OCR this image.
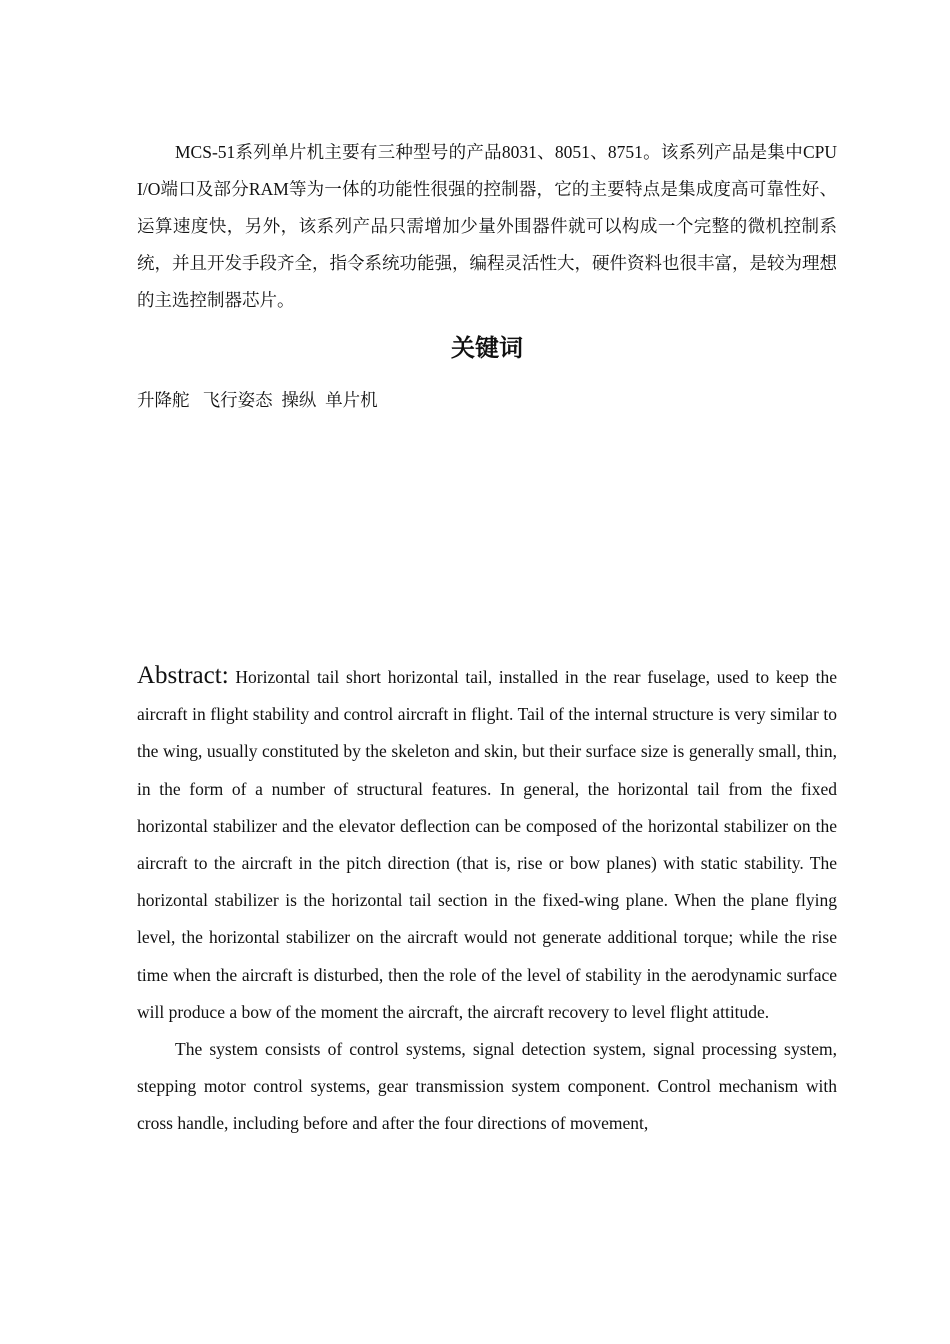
MCS-51系列单片机主要有三种型号的产品8031、8051、8751。该系列产品是集中CPU I/O端口及部分RAM等为一体的功能性很强的控制器，它的主要特点是集成度高可靠性好、运算速度快，另外，该系列产品只需增加少量外围器件就可以构成一个完整的微机控制系统，并且开发手段齐全，指令系统功能强，编程灵活性大，硬件资料也很丰富，是较为理想的主选控制器芯片。

关键词

升降舵   飞行姿态  操纵  单片机

Abstract: Horizontal tail short horizontal tail, installed in the rear fuselage, used to keep the aircraft in flight stability and control aircraft in flight. Tail of the internal structure is very similar to the wing, usually constituted by the skeleton and skin, but their surface size is generally small, thin, in the form of a number of structural features. In general, the horizontal tail from the fixed horizontal stabilizer and the elevator deflection can be composed of the horizontal stabilizer on the aircraft to the aircraft in the pitch direction (that is, rise or bow planes) with static stability. The horizontal stabilizer is the horizontal tail section in the fixed-wing plane. When the plane flying level, the horizontal stabilizer on the aircraft would not generate additional torque; while the rise time when the aircraft is disturbed, then the role of the level of stability in the aerodynamic surface will produce a bow of the moment the aircraft, the aircraft recovery to level flight attitude.

The system consists of control systems, signal detection system, signal processing system, stepping motor control systems, gear transmission system component. Control mechanism with cross handle, including before and after the four directions of movement,
